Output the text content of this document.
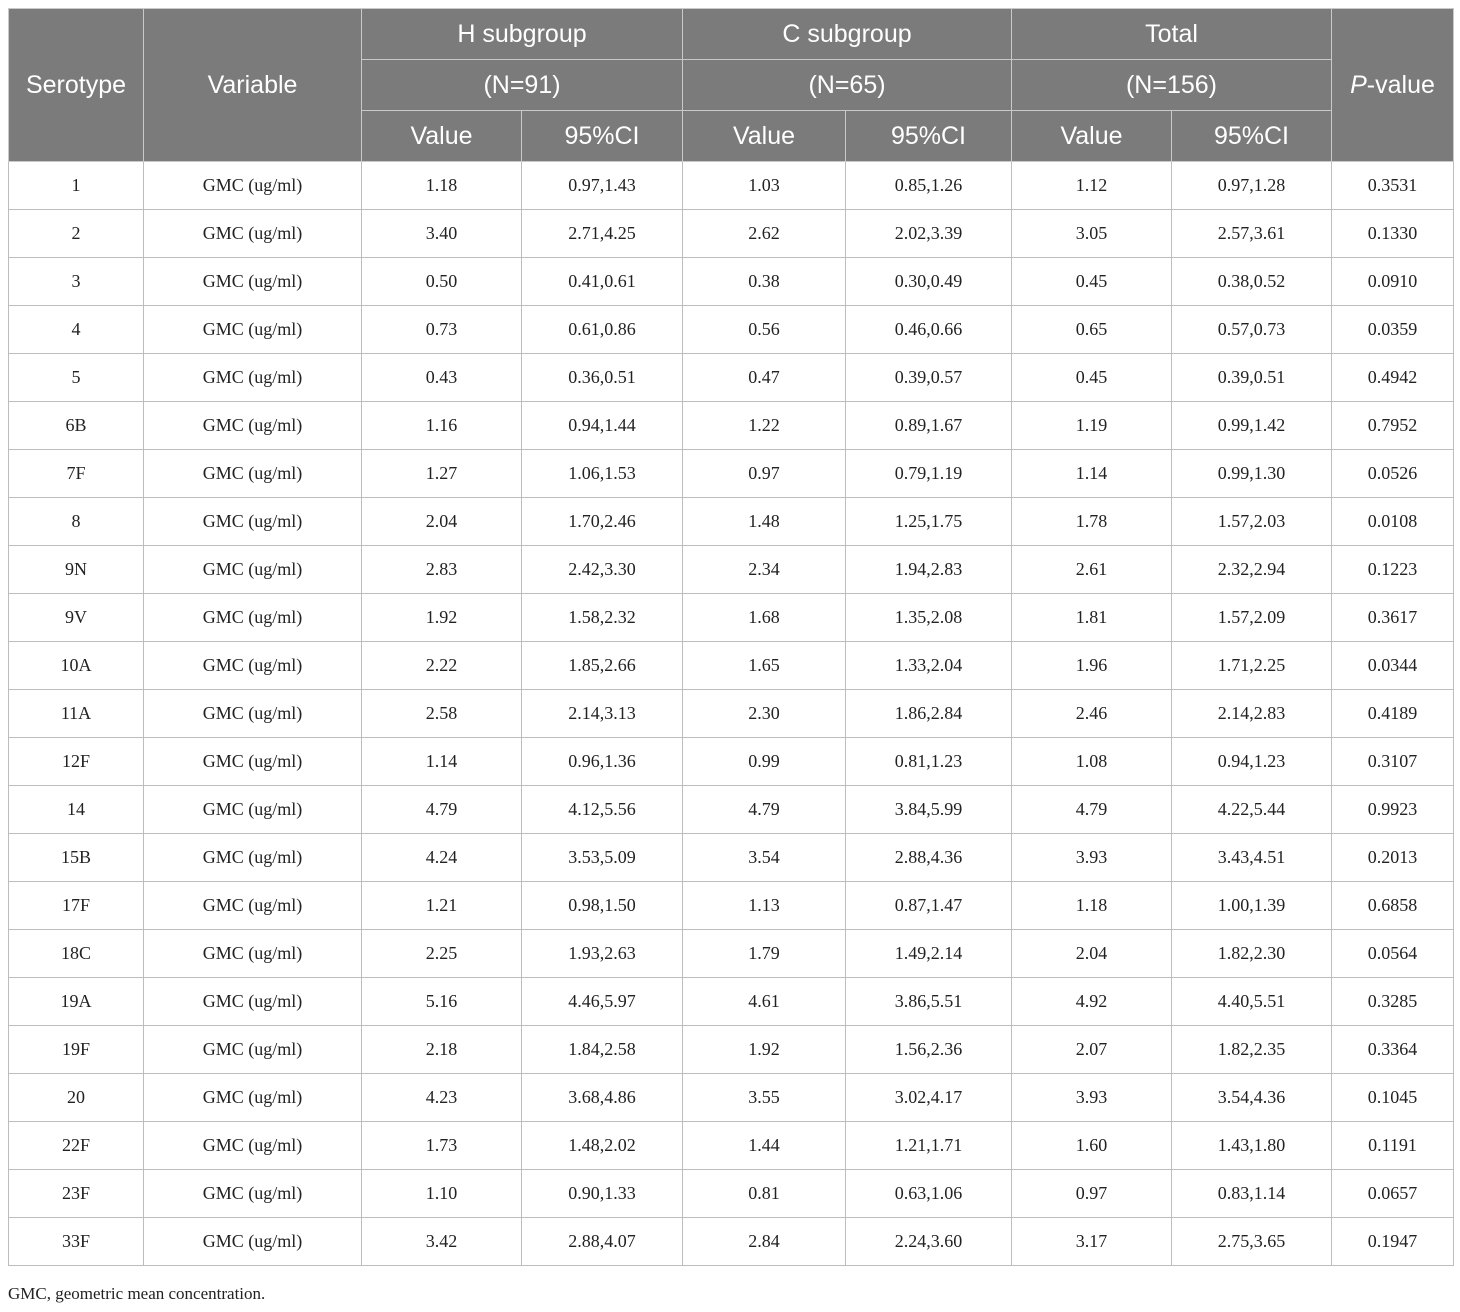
Serotype	Variable	H subgroup		C subgroup		Total		P-value
		(N=91)		(N=65)		(N=156)		
		Value	95%CI	Value	95%CI	Value	95%CI	
1	GMC (ug/ml)	1.18	0.97,1.43	1.03	0.85,1.26	1.12	0.97,1.28	0.3531
2	GMC (ug/ml)	3.40	2.71,4.25	2.62	2.02,3.39	3.05	2.57,3.61	0.1330
3	GMC (ug/ml)	0.50	0.41,0.61	0.38	0.30,0.49	0.45	0.38,0.52	0.0910
4	GMC (ug/ml)	0.73	0.61,0.86	0.56	0.46,0.66	0.65	0.57,0.73	0.0359
5	GMC (ug/ml)	0.43	0.36,0.51	0.47	0.39,0.57	0.45	0.39,0.51	0.4942
6B	GMC (ug/ml)	1.16	0.94,1.44	1.22	0.89,1.67	1.19	0.99,1.42	0.7952
7F	GMC (ug/ml)	1.27	1.06,1.53	0.97	0.79,1.19	1.14	0.99,1.30	0.0526
8	GMC (ug/ml)	2.04	1.70,2.46	1.48	1.25,1.75	1.78	1.57,2.03	0.0108
9N	GMC (ug/ml)	2.83	2.42,3.30	2.34	1.94,2.83	2.61	2.32,2.94	0.1223
9V	GMC (ug/ml)	1.92	1.58,2.32	1.68	1.35,2.08	1.81	1.57,2.09	0.3617
10A	GMC (ug/ml)	2.22	1.85,2.66	1.65	1.33,2.04	1.96	1.71,2.25	0.0344
11A	GMC (ug/ml)	2.58	2.14,3.13	2.30	1.86,2.84	2.46	2.14,2.83	0.4189
12F	GMC (ug/ml)	1.14	0.96,1.36	0.99	0.81,1.23	1.08	0.94,1.23	0.3107
14	GMC (ug/ml)	4.79	4.12,5.56	4.79	3.84,5.99	4.79	4.22,5.44	0.9923
15B	GMC (ug/ml)	4.24	3.53,5.09	3.54	2.88,4.36	3.93	3.43,4.51	0.2013
17F	GMC (ug/ml)	1.21	0.98,1.50	1.13	0.87,1.47	1.18	1.00,1.39	0.6858
18C	GMC (ug/ml)	2.25	1.93,2.63	1.79	1.49,2.14	2.04	1.82,2.30	0.0564
19A	GMC (ug/ml)	5.16	4.46,5.97	4.61	3.86,5.51	4.92	4.40,5.51	0.3285
19F	GMC (ug/ml)	2.18	1.84,2.58	1.92	1.56,2.36	2.07	1.82,2.35	0.3364
20	GMC (ug/ml)	4.23	3.68,4.86	3.55	3.02,4.17	3.93	3.54,4.36	0.1045
22F	GMC (ug/ml)	1.73	1.48,2.02	1.44	1.21,1.71	1.60	1.43,1.80	0.1191
23F	GMC (ug/ml)	1.10	0.90,1.33	0.81	0.63,1.06	0.97	0.83,1.14	0.0657
33F	GMC (ug/ml)	3.42	2.88,4.07	2.84	2.24,3.60	3.17	2.75,3.65	0.1947
GMC, geometric mean concentration.
